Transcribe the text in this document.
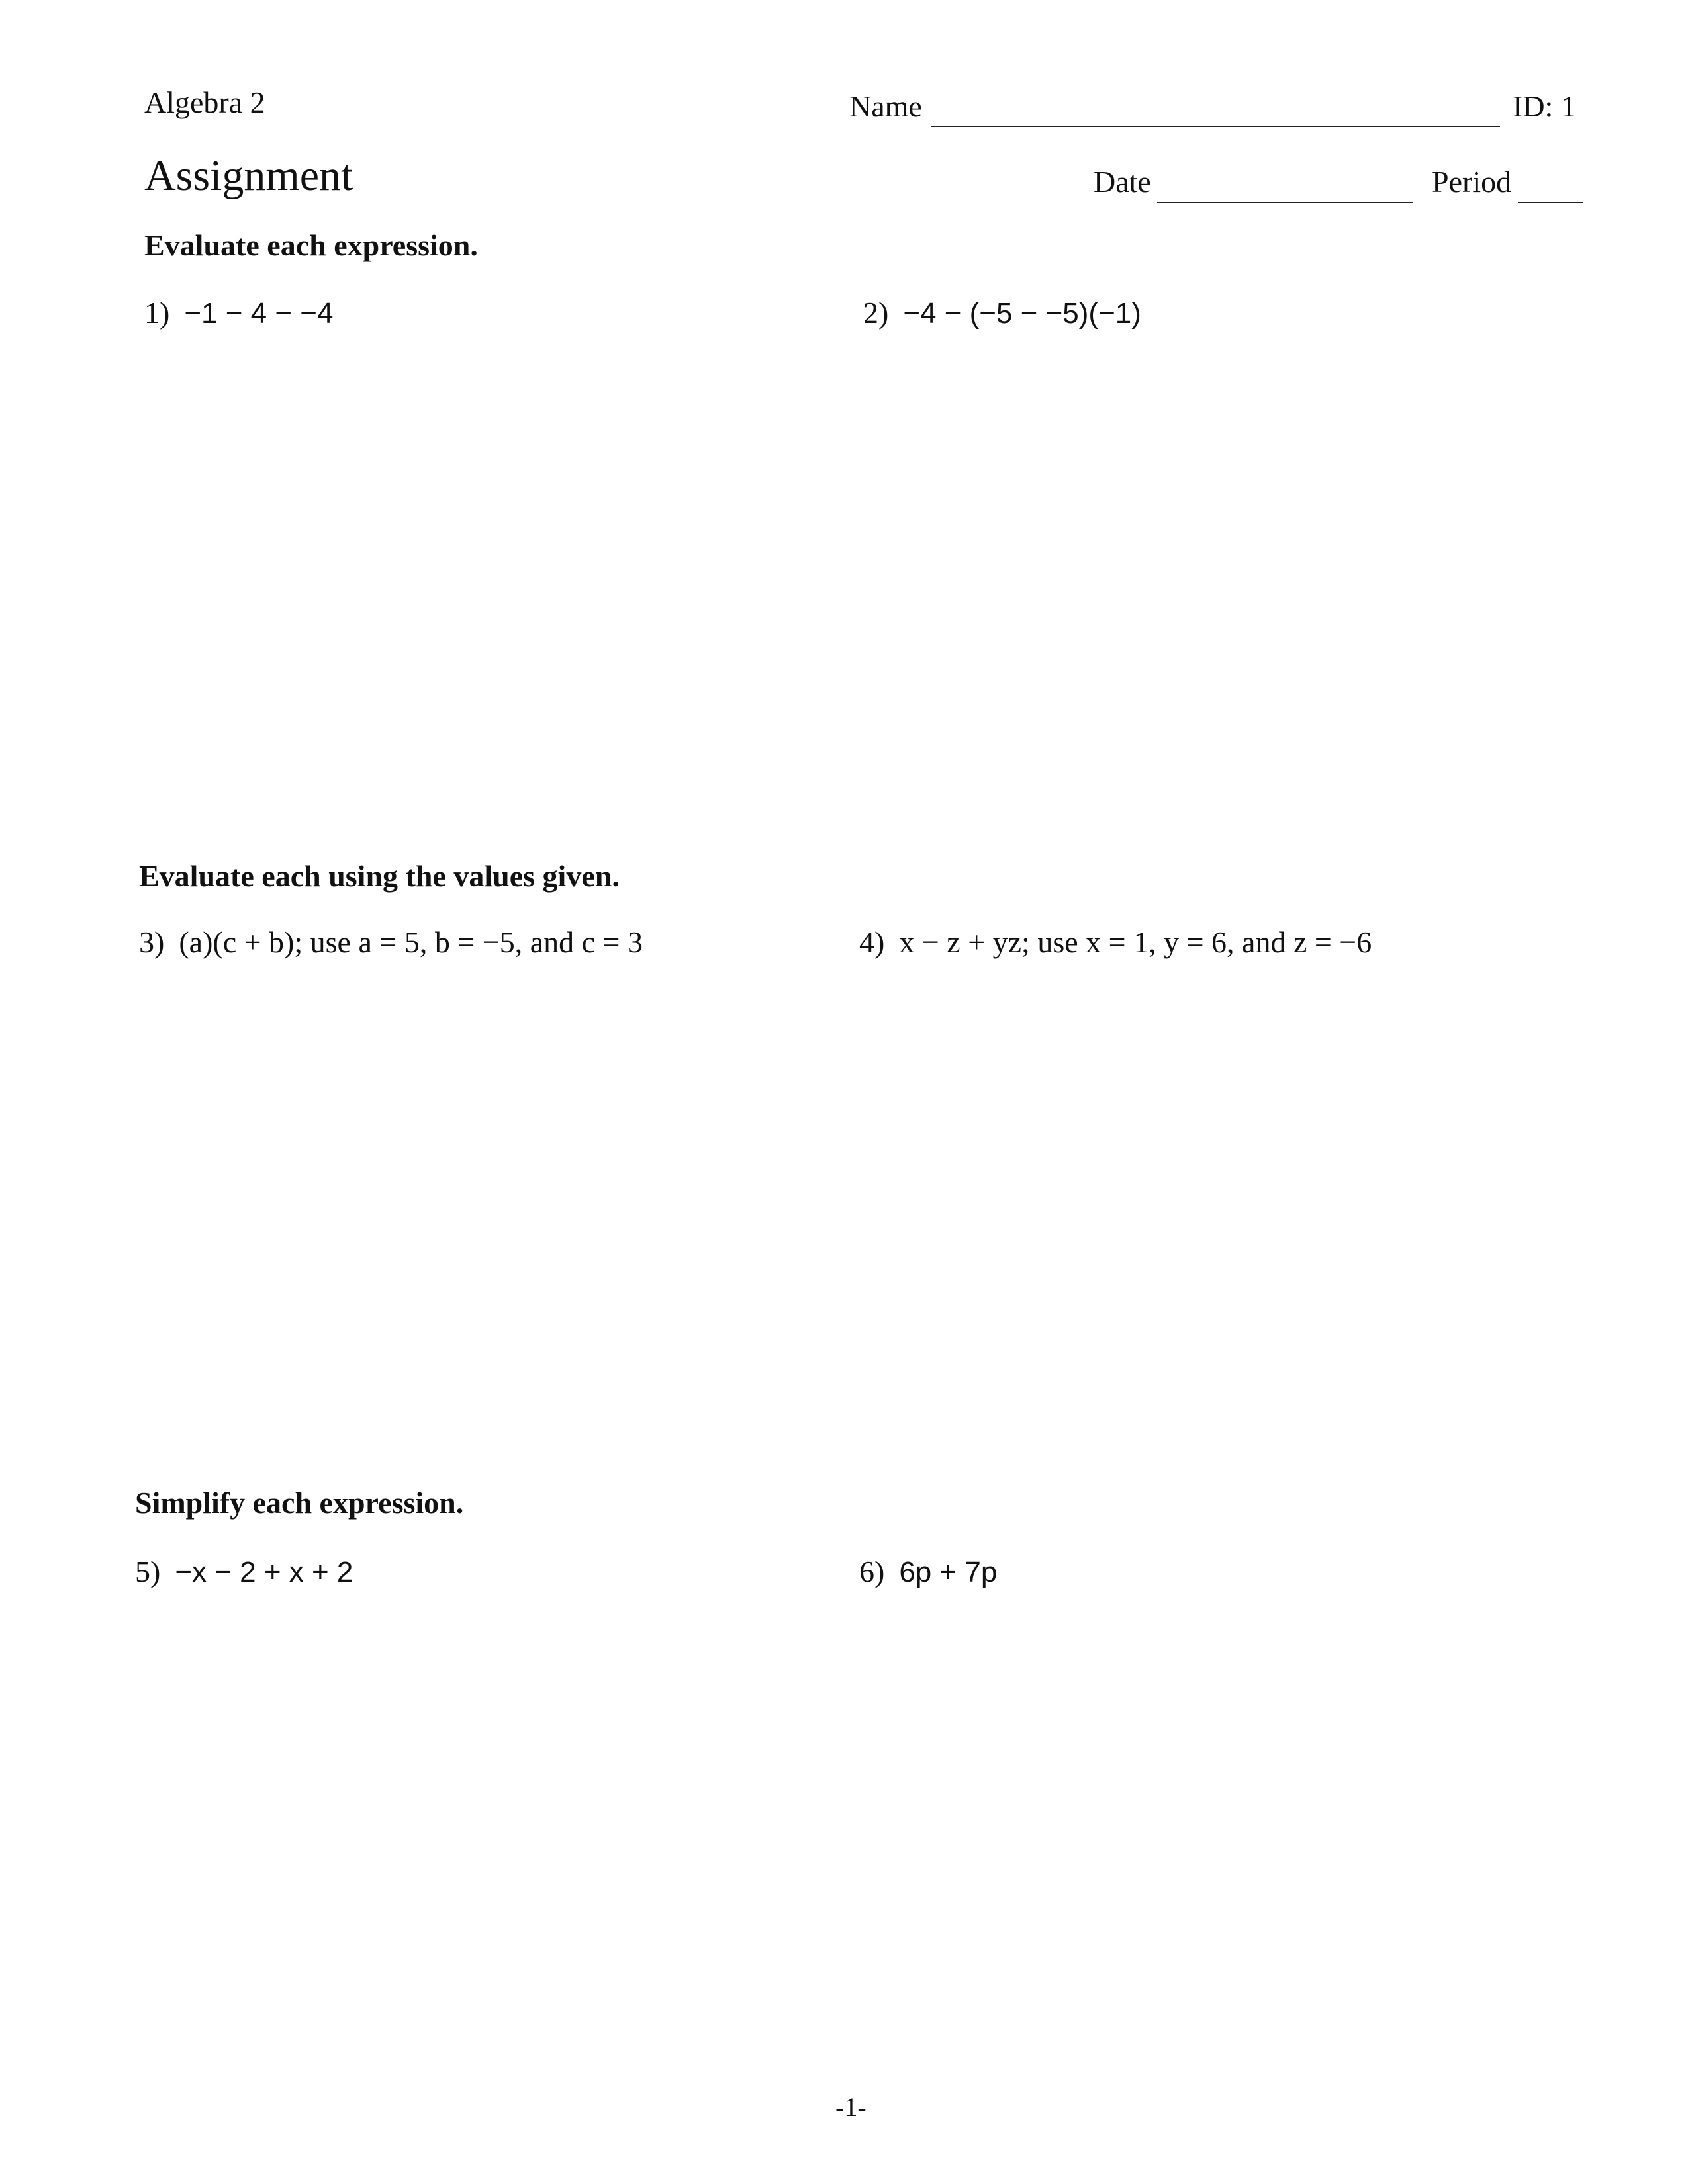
Algebra 2
Assignment
Name	ID: 1
Date	Period
Evaluate each expression.
1) −1 − 4 − −4	2) −4 − (−5 − −5)(−1)
Evaluate each using the values given.
3) (a)(c + b); use a = 5, b = −5, and c = 3	4) x − z + yz; use x = 1, y = 6, and z = −6
Simplify each expression.
5) −x − 2 + x + 2	6) 6p + 7p
-1-
